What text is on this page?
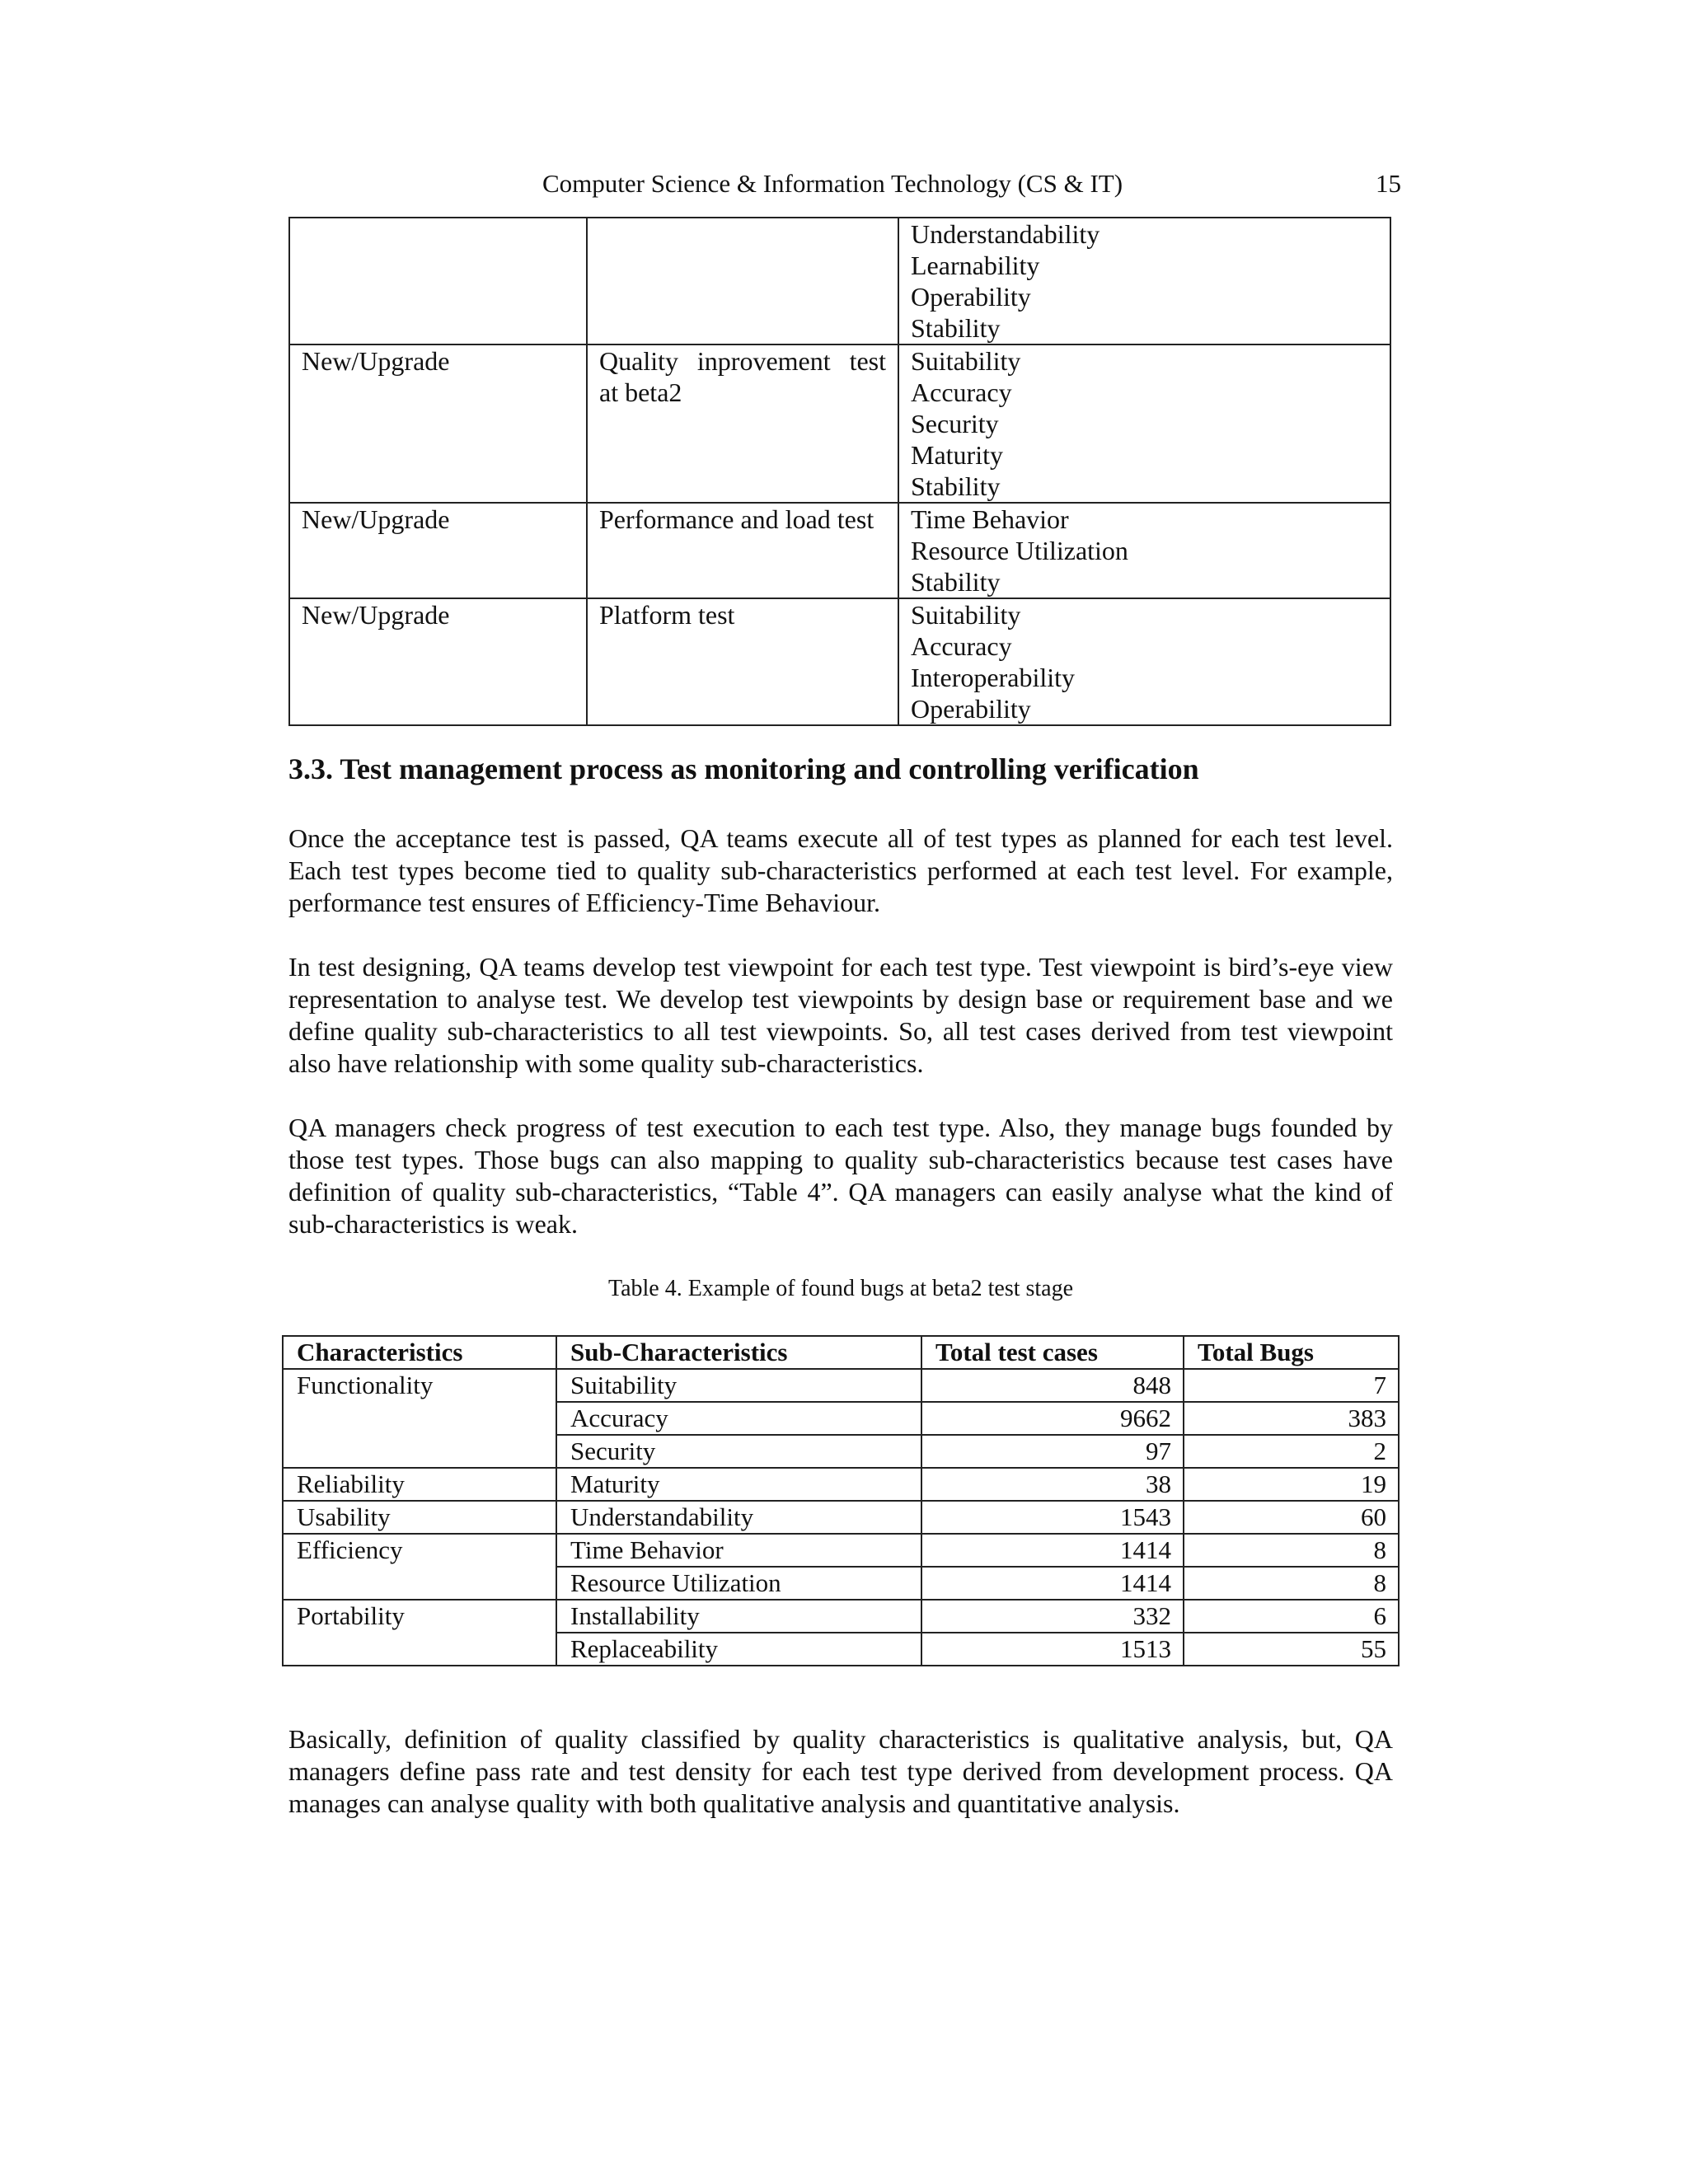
Computer Science & Information Technology (CS & IT)	15

		Understandability
Learnability
Operability
Stability

New/Upgrade	Quality inprovement test at beta2	Suitability
Accuracy
Security
Maturity
Stability

New/Upgrade	Performance and load test	Time Behavior
Resource Utilization
Stability

New/Upgrade	Platform test	Suitability
Accuracy
Interoperability
Operability
3.3. Test management process as monitoring and controlling verification

Once the acceptance test is passed, QA teams execute all of test types as planned for each test level. Each test types become tied to quality sub-characteristics performed at each test level. For example, performance test ensures of Efficiency-Time Behaviour.

In test designing, QA teams develop test viewpoint for each test type. Test viewpoint is bird’s-eye view representation to analyse test. We develop test viewpoints by design base or requirement base and we define quality sub-characteristics to all test viewpoints. So, all test cases derived from test viewpoint also have relationship with some quality sub-characteristics.

QA managers check progress of test execution to each test type. Also, they manage bugs founded by those test types. Those bugs can also mapping to quality sub-characteristics because test cases have definition of quality sub-characteristics, “Table 4”. QA managers can easily analyse what the kind of sub-characteristics is weak.

Table 4. Example of found bugs at beta2 test stage
Characteristics	Sub-Characteristics	Total test cases	Total Bugs
Functionality	Suitability	848	7
	Accuracy	9662	383
	Security	97	2
Reliability	Maturity	38	19
Usability	Understandability	1543	60
Efficiency	Time Behavior	1414	8
	Resource Utilization	1414	8
Portability	Installability	332	6
	Replaceability	1513	55

Basically, definition of quality classified by quality characteristics is qualitative analysis, but, QA managers define pass rate and test density for each test type derived from development process. QA manages can analyse quality with both qualitative analysis and quantitative analysis.
